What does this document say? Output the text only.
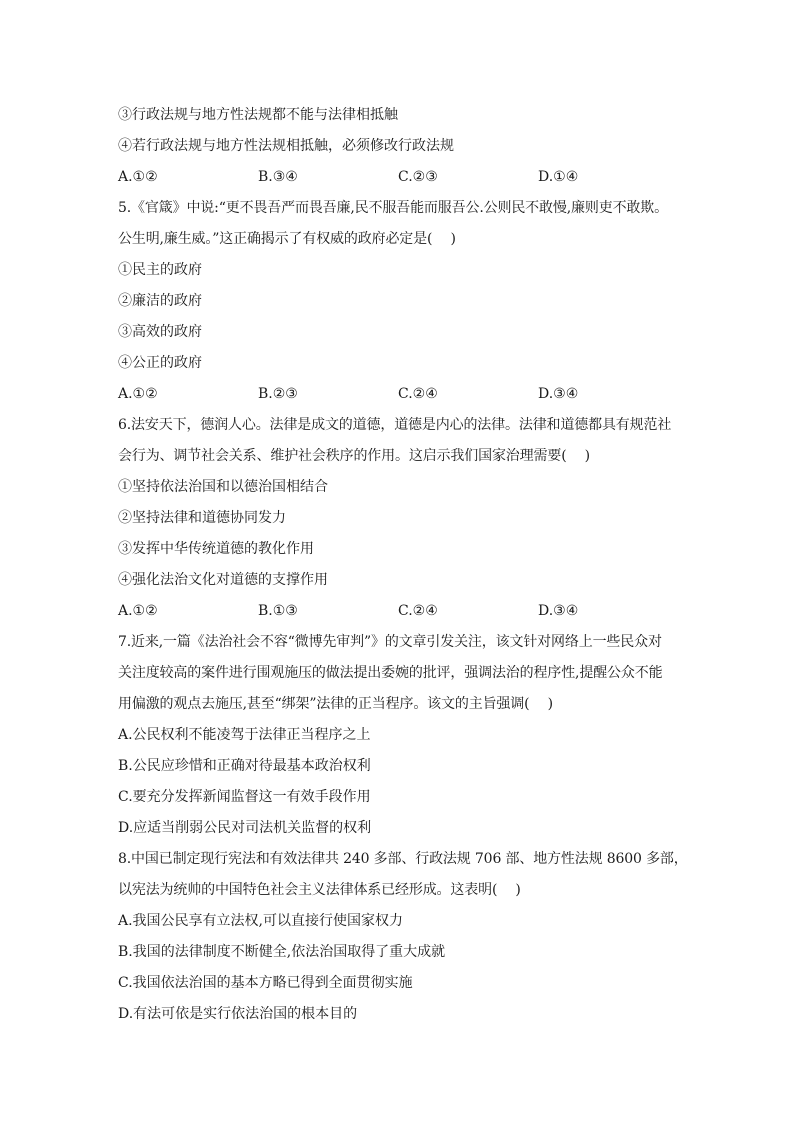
③行政法规与地方性法规都不能与法律相抵触
④若行政法规与地方性法规相抵触，必须修改行政法规
A.①②	B.③④	C.②③	D.①④
5.《官箴》中说:“更不畏吾严而畏吾廉,民不服吾能而服吾公.公则民不敢慢,廉则吏不敢欺。
公生明,廉生威。”这正确揭示了有权威的政府必定是(　 )
①民主的政府
②廉洁的政府
③高效的政府
④公正的政府
A.①②	B.②③	C.②④	D.③④
6.法安天下，德润人心。法律是成文的道德，道德是内心的法律。法律和道德都具有规范社
会行为、调节社会关系、维护社会秩序的作用。这启示我们国家治理需要(　 )
①坚持依法治国和以德治国相结合
②坚持法律和道德协同发力
③发挥中华传统道德的教化作用
④强化法治文化对道德的支撑作用
A.①②	B.①③	C.②④	D.③④
7.近来,一篇《法治社会不容“微博先审判”》的文章引发关注，该文针对网络上一些民众对
关注度较高的案件进行围观施压的做法提出委婉的批评，强调法治的程序性,提醒公众不能
用偏激的观点去施压,甚至“绑架”法律的正当程序。该文的主旨强调(　 )
A.公民权利不能凌驾于法律正当程序之上
B.公民应珍惜和正确对待最基本政治权利
C.要充分发挥新闻监督这一有效手段作用
D.应适当削弱公民对司法机关监督的权利
8.中国已制定现行宪法和有效法律共 240 多部、行政法规 706 部、地方性法规 8600 多部，
以宪法为统帅的中国特色社会主义法律体系已经形成。这表明(　 )
A.我国公民享有立法权,可以直接行使国家权力
B.我国的法律制度不断健全,依法治国取得了重大成就
C.我国依法治国的基本方略已得到全面贯彻实施
D.有法可依是实行依法治国的根本目的
